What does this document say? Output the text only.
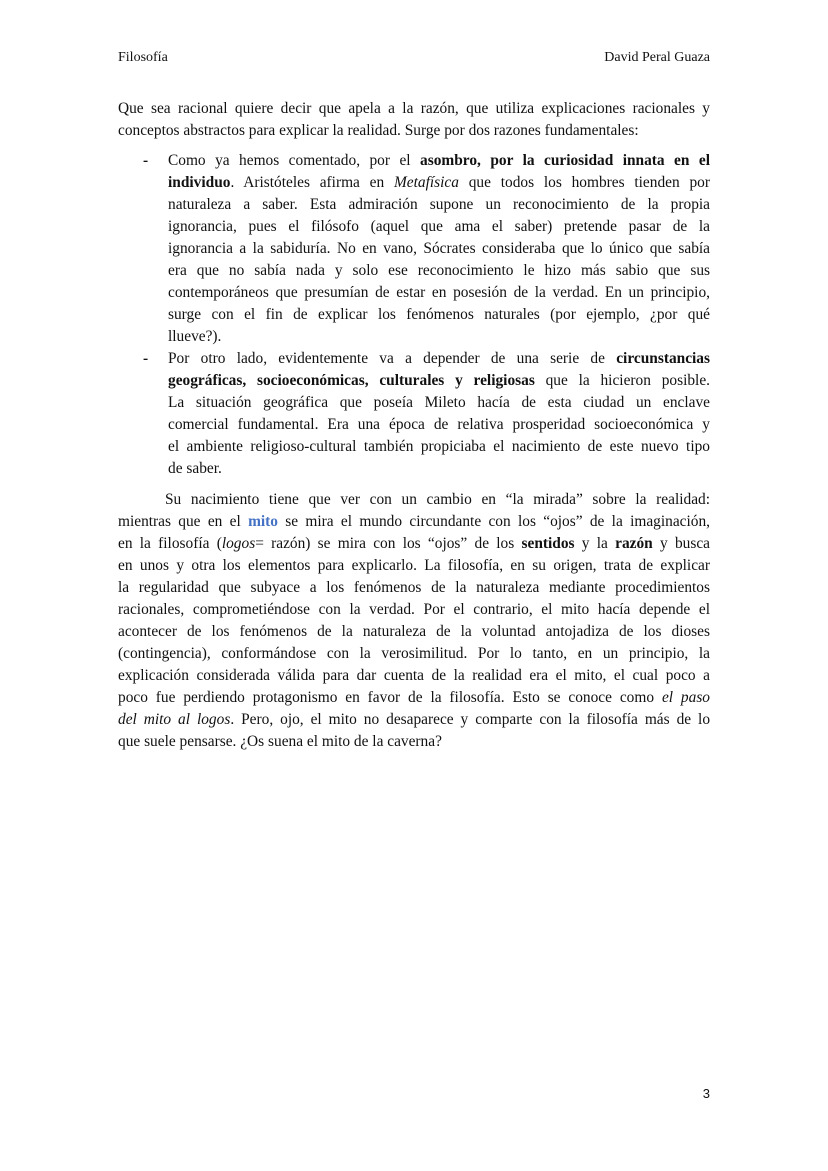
Filosofía	David Peral Guaza

Que sea racional quiere decir que apela a la razón, que utiliza explicaciones racionales y
conceptos abstractos para explicar la realidad. Surge por dos razones fundamentales:

- Como ya hemos comentado, por el asombro, por la curiosidad innata en el
individuo. Aristóteles afirma en Metafísica que todos los hombres tienden por
naturaleza a saber. Esta admiración supone un reconocimiento de la propia
ignorancia, pues el filósofo (aquel que ama el saber) pretende pasar de la
ignorancia a la sabiduría. No en vano, Sócrates consideraba que lo único que sabía
era que no sabía nada y solo ese reconocimiento le hizo más sabio que sus
contemporáneos que presumían de estar en posesión de la verdad. En un principio,
surge con el fin de explicar los fenómenos naturales (por ejemplo, ¿por qué
llueve?).
- Por otro lado, evidentemente va a depender de una serie de circunstancias
geográficas, socioeconómicas, culturales y religiosas que la hicieron posible.
La situación geográfica que poseía Mileto hacía de esta ciudad un enclave
comercial fundamental. Era una época de relativa prosperidad socioeconómica y
el ambiente religioso-cultural también propiciaba el nacimiento de este nuevo tipo
de saber.

Su nacimiento tiene que ver con un cambio en “la mirada” sobre la realidad:
mientras que en el mito se mira el mundo circundante con los “ojos” de la imaginación,
en la filosofía (logos= razón) se mira con los “ojos” de los sentidos y la razón y busca
en unos y otra los elementos para explicarlo. La filosofía, en su origen, trata de explicar
la regularidad que subyace a los fenómenos de la naturaleza mediante procedimientos
racionales, comprometiéndose con la verdad. Por el contrario, el mito hacía depende el
acontecer de los fenómenos de la naturaleza de la voluntad antojadiza de los dioses
(contingencia), conformándose con la verosimilitud. Por lo tanto, en un principio, la
explicación considerada válida para dar cuenta de la realidad era el mito, el cual poco a
poco fue perdiendo protagonismo en favor de la filosofía. Esto se conoce como el paso
del mito al logos. Pero, ojo, el mito no desaparece y comparte con la filosofía más de lo
que suele pensarse. ¿Os suena el mito de la caverna?

3
